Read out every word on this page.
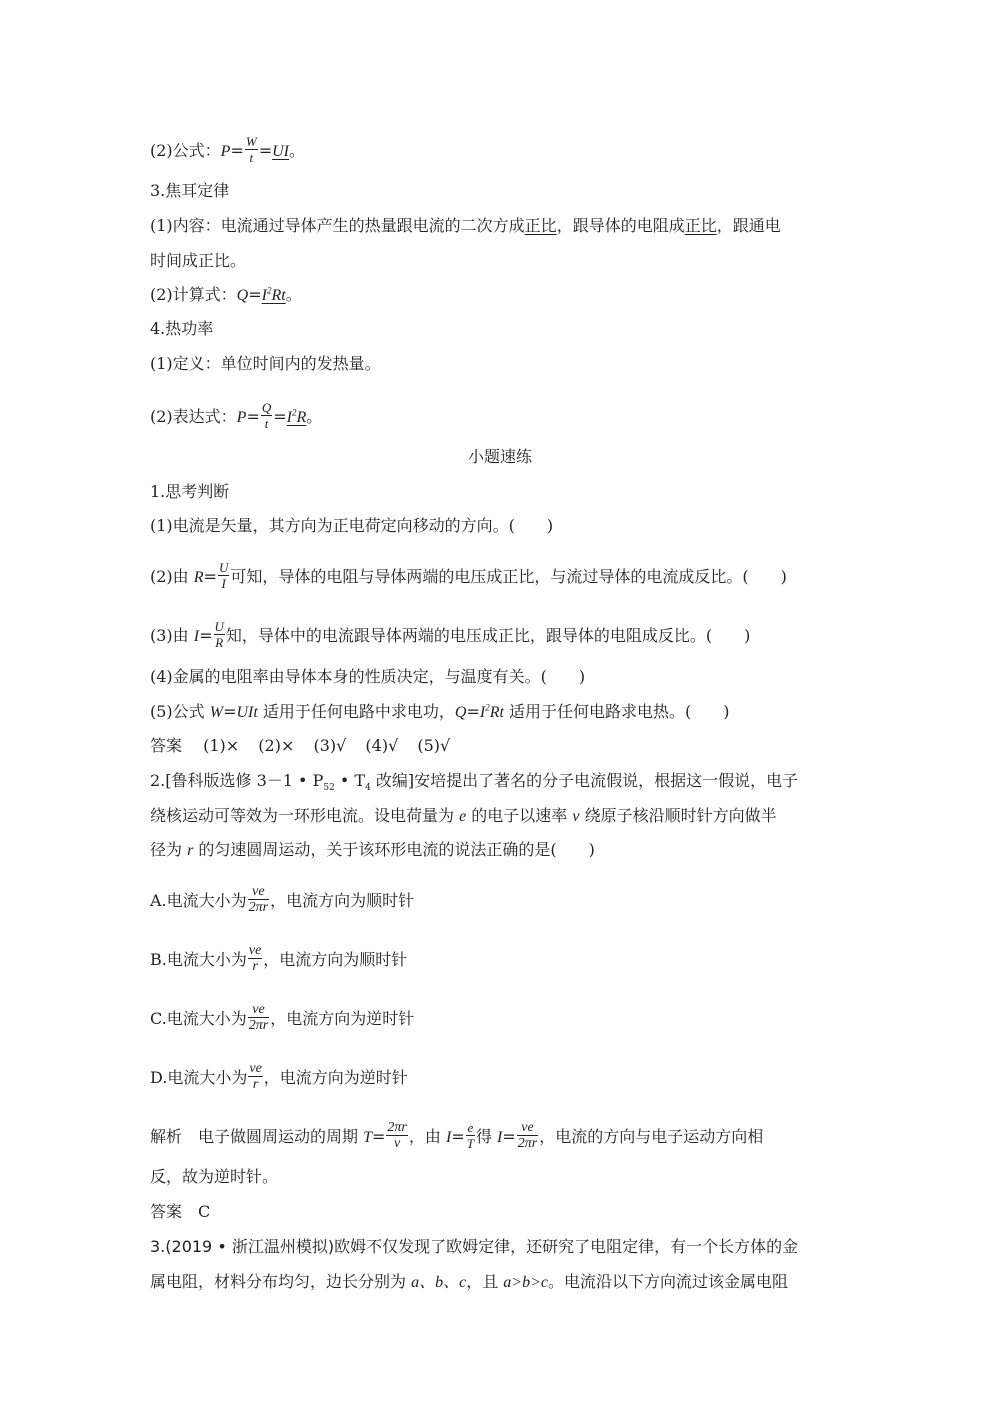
(2)公式：$P= \frac{W}{t} =UI$。
3.焦耳定律
(1)内容：电流通过导体产生的热量跟电流的二次方成正比，跟导体的电阻成正比，跟通电
时间成正比。
(2)计算式：$Q=I^2Rt$。
4.热功率
(1)定义：单位时间内的发热量。
(2)表达式：$P= \frac{Q}{t} =I^2R$。
小题速练
1.思考判断
(1)电流是矢量，其方向为正电荷定向移动的方向。(　　)
(2)由 $R= \frac{U}{I}$ 可知，导体的电阻与导体两端的电压成正比，与流过导体的电流成反比。(　　)
(3)由 $I= \frac{U}{R}$ 知，导体中的电流跟导体两端的电压成正比，跟导体的电阻成反比。(　　)
(4)金属的电阻率由导体本身的性质决定，与温度有关。(　　)
(5)公式 W=UIt 适用于任何电路中求电功，$Q=I^2Rt$ 适用于任何电路求电热。(　　)
答案 (1)× (2)× (3)√ (4)√ (5)√
2.[鲁科版选修 3－1 • $P_{52}$ • $T_4$ 改编]安培提出了著名的分子电流假说，根据这一假说，电子
绕核运动可等效为一环形电流。设电荷量为 e 的电子以速率 v 绕原子核沿顺时针方向做半
径为 r 的匀速圆周运动，关于该环形电流的说法正确的是(　　)
A.电流大小为 $\frac{ve}{2\pi r}$ ，电流方向为顺时针
B.电流大小为 $\frac{ve}{r}$ ，电流方向为顺时针
C.电流大小为 $\frac{ve}{2\pi r}$ ，电流方向为逆时针
D.电流大小为 $\frac{ve}{r}$ ，电流方向为逆时针
解析 电子做圆周运动的周期 $T= \frac{2\pi r}{v}$ ，由 $I= \frac{e}{T}$ 得 $I= \frac{ve}{2\pi r}$ ，电流的方向与电子运动方向相
反，故为逆时针。
答案 C
3.(2019 • 浙江温州模拟)欧姆不仅发现了欧姆定律，还研究了电阻定律，有一个长方体的金
属电阻，材料分布均匀，边长分别为 a、b、c，且 a>b>c。电流沿以下方向流过该金属电阻
